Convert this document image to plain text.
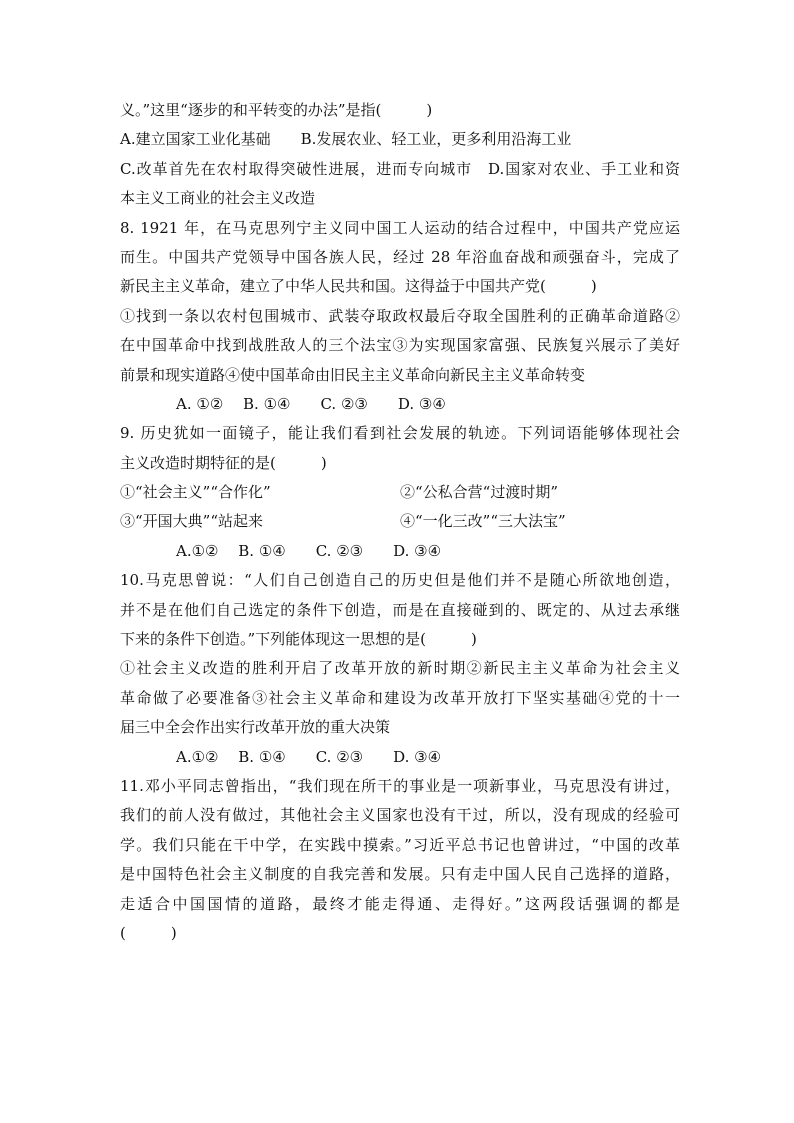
义。”这里“逐步的和平转变的办法”是指(　　　)
A.建立国家工业化基础　　B.发展农业、轻工业，更多利用沿海工业
C.改革首先在农村取得突破性进展，进而专向城市　D.国家对农业、手工业和资
本主义工商业的社会主义改造
8. 1921 年，在马克思列宁主义同中国工人运动的结合过程中，中国共产党应运
而生。中国共产党领导中国各族人民，经过 28 年浴血奋战和顽强奋斗，完成了
新民主主义革命，建立了中华人民共和国。这得益于中国共产党(　　　)
①找到一条以农村包围城市、武装夺取政权最后夺取全国胜利的正确革命道路②
在中国革命中找到战胜敌人的三个法宝③为实现国家富强、民族复兴展示了美好
前景和现实道路④使中国革命由旧民主主义革命向新民主主义革命转变
A. ①②　 B. ①④　　C. ②③　　D. ③④
9. 历史犹如一面镜子，能让我们看到社会发展的轨迹。下列词语能够体现社会
主义改造时期特征的是(　　　)
①“社会主义”“合作化”	②“公私合营“过渡时期”
③“开国大典”“站起来	④“一化三改”“三大法宝”
A.①②　 B. ①④　　C. ②③　　D. ③④
10.马克思曾说：“人们自己创造自己的历史但是他们并不是随心所欲地创造，
并不是在他们自己选定的条件下创造，而是在直接碰到的、既定的、从过去承继
下来的条件下创造。”下列能体现这一思想的是(　　　)
①社会主义改造的胜利开启了改革开放的新时期②新民主主义革命为社会主义
革命做了必要准备③社会主义革命和建设为改革开放打下坚实基础④党的十一
届三中全会作出实行改革开放的重大决策
A.①②　 B. ①④　　C. ②③　　D. ③④
11.邓小平同志曾指出，“我们现在所干的事业是一项新事业，马克思没有讲过，
我们的前人没有做过，其他社会主义国家也没有干过，所以，没有现成的经验可
学。我们只能在干中学，在实践中摸索。”习近平总书记也曾讲过，“中国的改革
是中国特色社会主义制度的自我完善和发展。只有走中国人民自己选择的道路，
走适合中国国情的道路，最终才能走得通、走得好。”这两段话强调的都是
(　　　)
